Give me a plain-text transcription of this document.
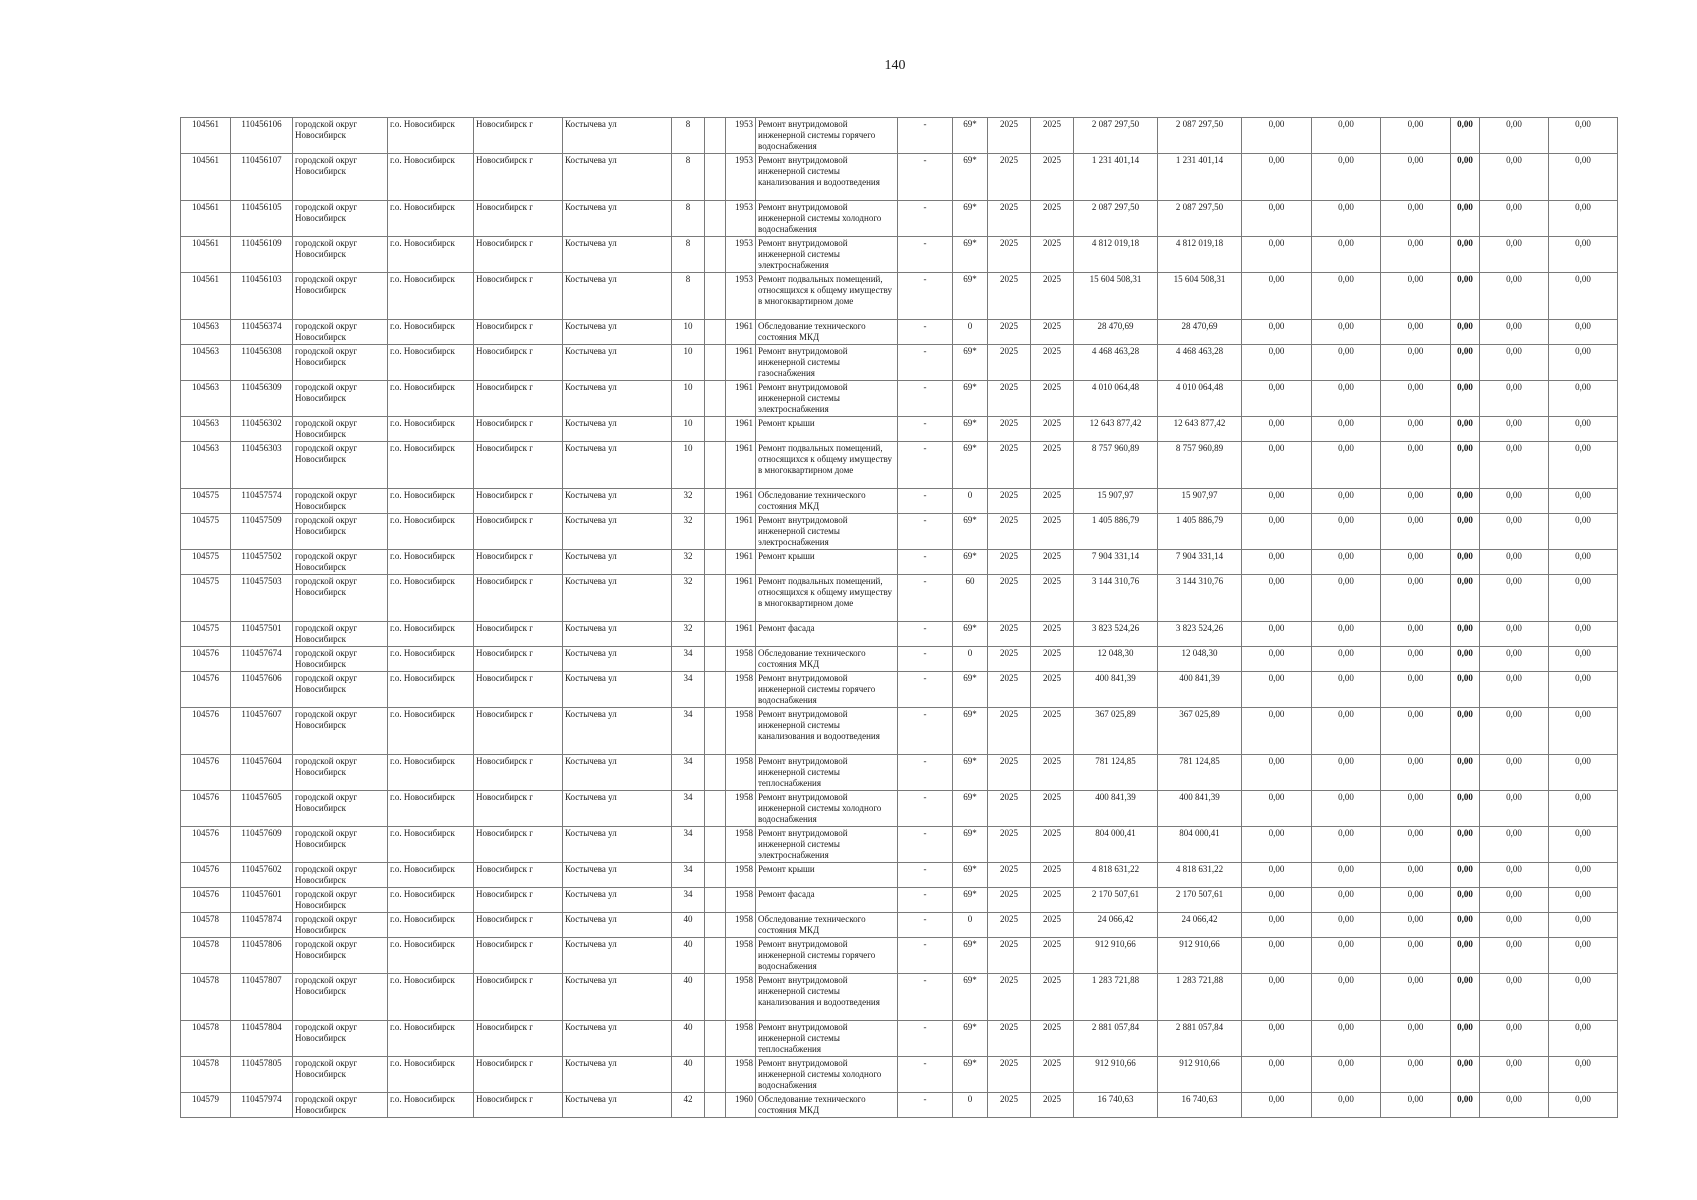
140
104561	110456106	городской округ Новосибирск	г.о. Новосибирск	Новосибирск г	Костычева ул	8		1953	Ремонт внутридомовой инженерной системы горячего водоснабжения	-	69*	2025	2025	2 087 297,50	2 087 297,50	0,00	0,00	0,00	0,00	0,00	0,00
104561	110456107	городской округ Новосибирск	г.о. Новосибирск	Новосибирск г	Костычева ул	8		1953	Ремонт внутридомовой инженерной системы канализования и водоотведения	-	69*	2025	2025	1 231 401,14	1 231 401,14	0,00	0,00	0,00	0,00	0,00	0,00
104561	110456105	городской округ Новосибирск	г.о. Новосибирск	Новосибирск г	Костычева ул	8		1953	Ремонт внутридомовой инженерной системы холодного водоснабжения	-	69*	2025	2025	2 087 297,50	2 087 297,50	0,00	0,00	0,00	0,00	0,00	0,00
104561	110456109	городской округ Новосибирск	г.о. Новосибирск	Новосибирск г	Костычева ул	8		1953	Ремонт внутридомовой инженерной системы электроснабжения	-	69*	2025	2025	4 812 019,18	4 812 019,18	0,00	0,00	0,00	0,00	0,00	0,00
104561	110456103	городской округ Новосибирск	г.о. Новосибирск	Новосибирск г	Костычева ул	8		1953	Ремонт подвальных помещений, относящихся к общему имуществу в многоквартирном доме	-	69*	2025	2025	15 604 508,31	15 604 508,31	0,00	0,00	0,00	0,00	0,00	0,00
104563	110456374	городской округ Новосибирск	г.о. Новосибирск	Новосибирск г	Костычева ул	10		1961	Обследование технического состояния МКД	-	0	2025	2025	28 470,69	28 470,69	0,00	0,00	0,00	0,00	0,00	0,00
104563	110456308	городской округ Новосибирск	г.о. Новосибирск	Новосибирск г	Костычева ул	10		1961	Ремонт внутридомовой инженерной системы газоснабжения	-	69*	2025	2025	4 468 463,28	4 468 463,28	0,00	0,00	0,00	0,00	0,00	0,00
104563	110456309	городской округ Новосибирск	г.о. Новосибирск	Новосибирск г	Костычева ул	10		1961	Ремонт внутридомовой инженерной системы электроснабжения	-	69*	2025	2025	4 010 064,48	4 010 064,48	0,00	0,00	0,00	0,00	0,00	0,00
104563	110456302	городской округ Новосибирск	г.о. Новосибирск	Новосибирск г	Костычева ул	10		1961	Ремонт крыши	-	69*	2025	2025	12 643 877,42	12 643 877,42	0,00	0,00	0,00	0,00	0,00	0,00
104563	110456303	городской округ Новосибирск	г.о. Новосибирск	Новосибирск г	Костычева ул	10		1961	Ремонт подвальных помещений, относящихся к общему имуществу в многоквартирном доме	-	69*	2025	2025	8 757 960,89	8 757 960,89	0,00	0,00	0,00	0,00	0,00	0,00
104575	110457574	городской округ Новосибирск	г.о. Новосибирск	Новосибирск г	Костычева ул	32		1961	Обследование технического состояния МКД	-	0	2025	2025	15 907,97	15 907,97	0,00	0,00	0,00	0,00	0,00	0,00
104575	110457509	городской округ Новосибирск	г.о. Новосибирск	Новосибирск г	Костычева ул	32		1961	Ремонт внутридомовой инженерной системы электроснабжения	-	69*	2025	2025	1 405 886,79	1 405 886,79	0,00	0,00	0,00	0,00	0,00	0,00
104575	110457502	городской округ Новосибирск	г.о. Новосибирск	Новосибирск г	Костычева ул	32		1961	Ремонт крыши	-	69*	2025	2025	7 904 331,14	7 904 331,14	0,00	0,00	0,00	0,00	0,00	0,00
104575	110457503	городской округ Новосибирск	г.о. Новосибирск	Новосибирск г	Костычева ул	32		1961	Ремонт подвальных помещений, относящихся к общему имуществу в многоквартирном доме	-	60	2025	2025	3 144 310,76	3 144 310,76	0,00	0,00	0,00	0,00	0,00	0,00
104575	110457501	городской округ Новосибирск	г.о. Новосибирск	Новосибирск г	Костычева ул	32		1961	Ремонт фасада	-	69*	2025	2025	3 823 524,26	3 823 524,26	0,00	0,00	0,00	0,00	0,00	0,00
104576	110457674	городской округ Новосибирск	г.о. Новосибирск	Новосибирск г	Костычева ул	34		1958	Обследование технического состояния МКД	-	0	2025	2025	12 048,30	12 048,30	0,00	0,00	0,00	0,00	0,00	0,00
104576	110457606	городской округ Новосибирск	г.о. Новосибирск	Новосибирск г	Костычева ул	34		1958	Ремонт внутридомовой инженерной системы горячего водоснабжения	-	69*	2025	2025	400 841,39	400 841,39	0,00	0,00	0,00	0,00	0,00	0,00
104576	110457607	городской округ Новосибирск	г.о. Новосибирск	Новосибирск г	Костычева ул	34		1958	Ремонт внутридомовой инженерной системы канализования и водоотведения	-	69*	2025	2025	367 025,89	367 025,89	0,00	0,00	0,00	0,00	0,00	0,00
104576	110457604	городской округ Новосибирск	г.о. Новосибирск	Новосибирск г	Костычева ул	34		1958	Ремонт внутридомовой инженерной системы теплоснабжения	-	69*	2025	2025	781 124,85	781 124,85	0,00	0,00	0,00	0,00	0,00	0,00
104576	110457605	городской округ Новосибирск	г.о. Новосибирск	Новосибирск г	Костычева ул	34		1958	Ремонт внутридомовой инженерной системы холодного водоснабжения	-	69*	2025	2025	400 841,39	400 841,39	0,00	0,00	0,00	0,00	0,00	0,00
104576	110457609	городской округ Новосибирск	г.о. Новосибирск	Новосибирск г	Костычева ул	34		1958	Ремонт внутридомовой инженерной системы электроснабжения	-	69*	2025	2025	804 000,41	804 000,41	0,00	0,00	0,00	0,00	0,00	0,00
104576	110457602	городской округ Новосибирск	г.о. Новосибирск	Новосибирск г	Костычева ул	34		1958	Ремонт крыши	-	69*	2025	2025	4 818 631,22	4 818 631,22	0,00	0,00	0,00	0,00	0,00	0,00
104576	110457601	городской округ Новосибирск	г.о. Новосибирск	Новосибирск г	Костычева ул	34		1958	Ремонт фасада	-	69*	2025	2025	2 170 507,61	2 170 507,61	0,00	0,00	0,00	0,00	0,00	0,00
104578	110457874	городской округ Новосибирск	г.о. Новосибирск	Новосибирск г	Костычева ул	40		1958	Обследование технического состояния МКД	-	0	2025	2025	24 066,42	24 066,42	0,00	0,00	0,00	0,00	0,00	0,00
104578	110457806	городской округ Новосибирск	г.о. Новосибирск	Новосибирск г	Костычева ул	40		1958	Ремонт внутридомовой инженерной системы горячего водоснабжения	-	69*	2025	2025	912 910,66	912 910,66	0,00	0,00	0,00	0,00	0,00	0,00
104578	110457807	городской округ Новосибирск	г.о. Новосибирск	Новосибирск г	Костычева ул	40		1958	Ремонт внутридомовой инженерной системы канализования и водоотведения	-	69*	2025	2025	1 283 721,88	1 283 721,88	0,00	0,00	0,00	0,00	0,00	0,00
104578	110457804	городской округ Новосибирск	г.о. Новосибирск	Новосибирск г	Костычева ул	40		1958	Ремонт внутридомовой инженерной системы теплоснабжения	-	69*	2025	2025	2 881 057,84	2 881 057,84	0,00	0,00	0,00	0,00	0,00	0,00
104578	110457805	городской округ Новосибирск	г.о. Новосибирск	Новосибирск г	Костычева ул	40		1958	Ремонт внутридомовой инженерной системы холодного водоснабжения	-	69*	2025	2025	912 910,66	912 910,66	0,00	0,00	0,00	0,00	0,00	0,00
104579	110457974	городской округ Новосибирск	г.о. Новосибирск	Новосибирск г	Костычева ул	42		1960	Обследование технического состояния МКД	-	0	2025	2025	16 740,63	16 740,63	0,00	0,00	0,00	0,00	0,00	0,00
